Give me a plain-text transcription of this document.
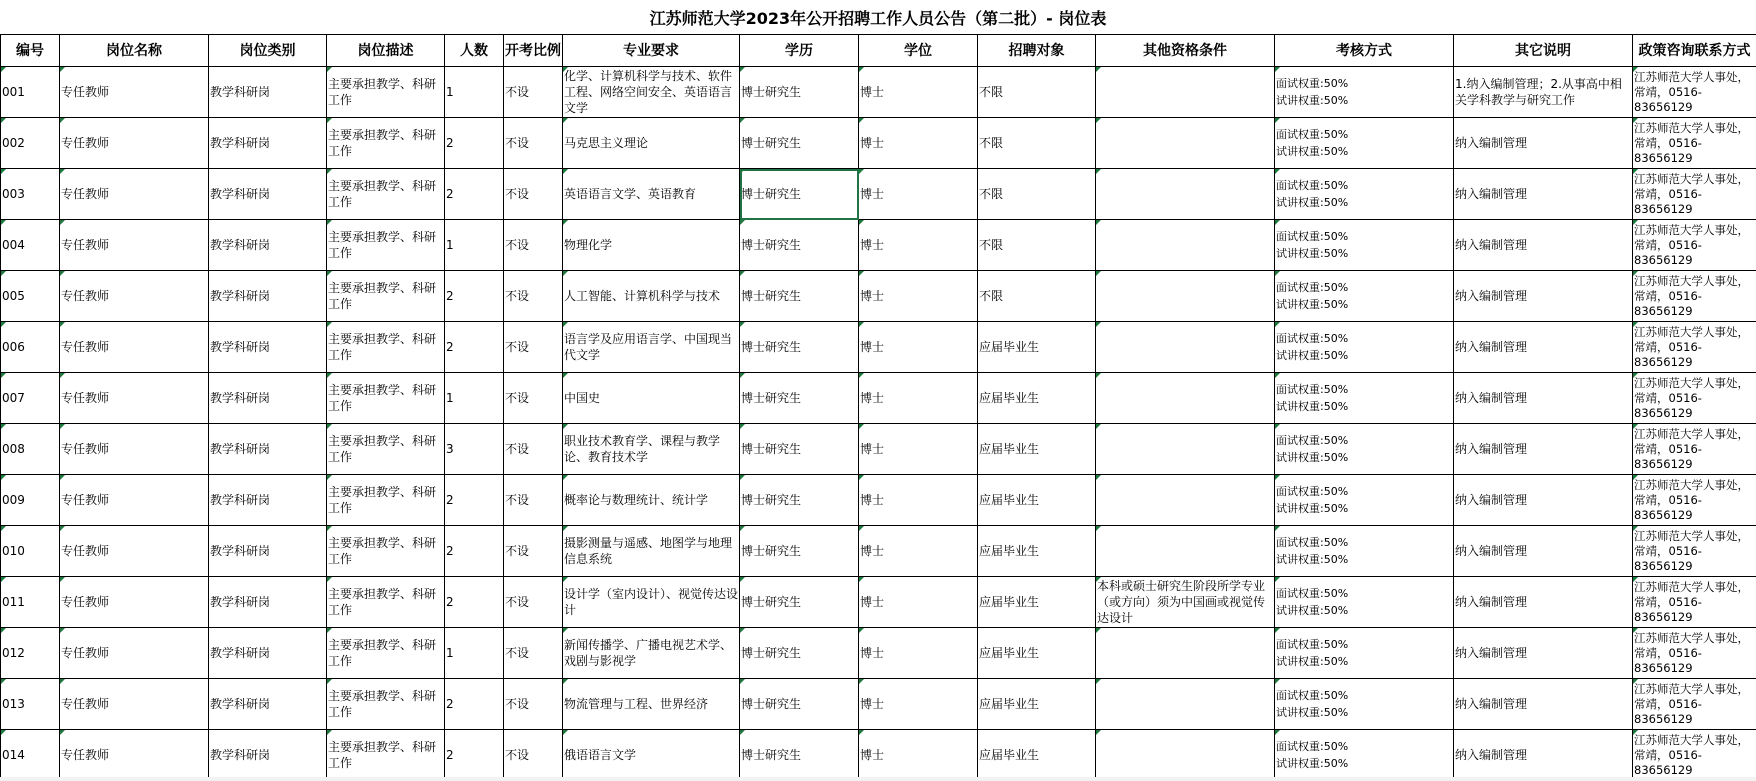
江苏师范大学2023年公开招聘工作人员公告（第二批）- 岗位表
编号	岗位名称	岗位类别	岗位描述	人数	开考比例	专业要求	学历	学位	招聘对象	其他资格条件	考核方式	其它说明	政策咨询联系方式

001	专任教师	教学科研岗	主要承担教学、科研工作	1	不设	化学、计算机科学与技术、软件工程、网络空间安全、英语语言文学	博士研究生	博士	不限		面试权重:50%
试讲权重:50%	1.纳入编制管理；2.从事高中相关学科教学与研究工作	江苏师范大学人事处，常靖，0516-83656129

002	专任教师	教学科研岗	主要承担教学、科研工作	2	不设	马克思主义理论	博士研究生	博士	不限		面试权重:50%
试讲权重:50%	纳入编制管理	江苏师范大学人事处，常靖，0516-83656129

003	专任教师	教学科研岗	主要承担教学、科研工作	2	不设	英语语言文学、英语教育	博士研究生	博士	不限		面试权重:50%
试讲权重:50%	纳入编制管理	江苏师范大学人事处，常靖，0516-83656129

004	专任教师	教学科研岗	主要承担教学、科研工作	1	不设	物理化学	博士研究生	博士	不限		面试权重:50%
试讲权重:50%	纳入编制管理	江苏师范大学人事处，常靖，0516-83656129

005	专任教师	教学科研岗	主要承担教学、科研工作	2	不设	人工智能、计算机科学与技术	博士研究生	博士	不限		面试权重:50%
试讲权重:50%	纳入编制管理	江苏师范大学人事处，常靖，0516-83656129

006	专任教师	教学科研岗	主要承担教学、科研工作	2	不设	语言学及应用语言学、中国现当代文学	博士研究生	博士	应届毕业生		面试权重:50%
试讲权重:50%	纳入编制管理	江苏师范大学人事处，常靖，0516-83656129

007	专任教师	教学科研岗	主要承担教学、科研工作	1	不设	中国史	博士研究生	博士	应届毕业生		面试权重:50%
试讲权重:50%	纳入编制管理	江苏师范大学人事处，常靖，0516-83656129

008	专任教师	教学科研岗	主要承担教学、科研工作	3	不设	职业技术教育学、课程与教学论、教育技术学	博士研究生	博士	应届毕业生		面试权重:50%
试讲权重:50%	纳入编制管理	江苏师范大学人事处，常靖，0516-83656129

009	专任教师	教学科研岗	主要承担教学、科研工作	2	不设	概率论与数理统计、统计学	博士研究生	博士	应届毕业生		面试权重:50%
试讲权重:50%	纳入编制管理	江苏师范大学人事处，常靖，0516-83656129

010	专任教师	教学科研岗	主要承担教学、科研工作	2	不设	摄影测量与遥感、地图学与地理信息系统	博士研究生	博士	应届毕业生		面试权重:50%
试讲权重:50%	纳入编制管理	江苏师范大学人事处，常靖，0516-83656129

011	专任教师	教学科研岗	主要承担教学、科研工作	2	不设	设计学（室内设计）、视觉传达设计	博士研究生	博士	应届毕业生	本科或硕士研究生阶段所学专业（或方向）须为中国画或视觉传达设计	面试权重:50%
试讲权重:50%	纳入编制管理	江苏师范大学人事处，常靖，0516-83656129

012	专任教师	教学科研岗	主要承担教学、科研工作	1	不设	新闻传播学、广播电视艺术学、戏剧与影视学	博士研究生	博士	应届毕业生		面试权重:50%
试讲权重:50%	纳入编制管理	江苏师范大学人事处，常靖，0516-83656129

013	专任教师	教学科研岗	主要承担教学、科研工作	2	不设	物流管理与工程、世界经济	博士研究生	博士	应届毕业生		面试权重:50%
试讲权重:50%	纳入编制管理	江苏师范大学人事处，常靖，0516-83656129

014	专任教师	教学科研岗	主要承担教学、科研工作	2	不设	俄语语言文学	博士研究生	博士	应届毕业生		面试权重:50%
试讲权重:50%	纳入编制管理	江苏师范大学人事处，常靖，0516-83656129
